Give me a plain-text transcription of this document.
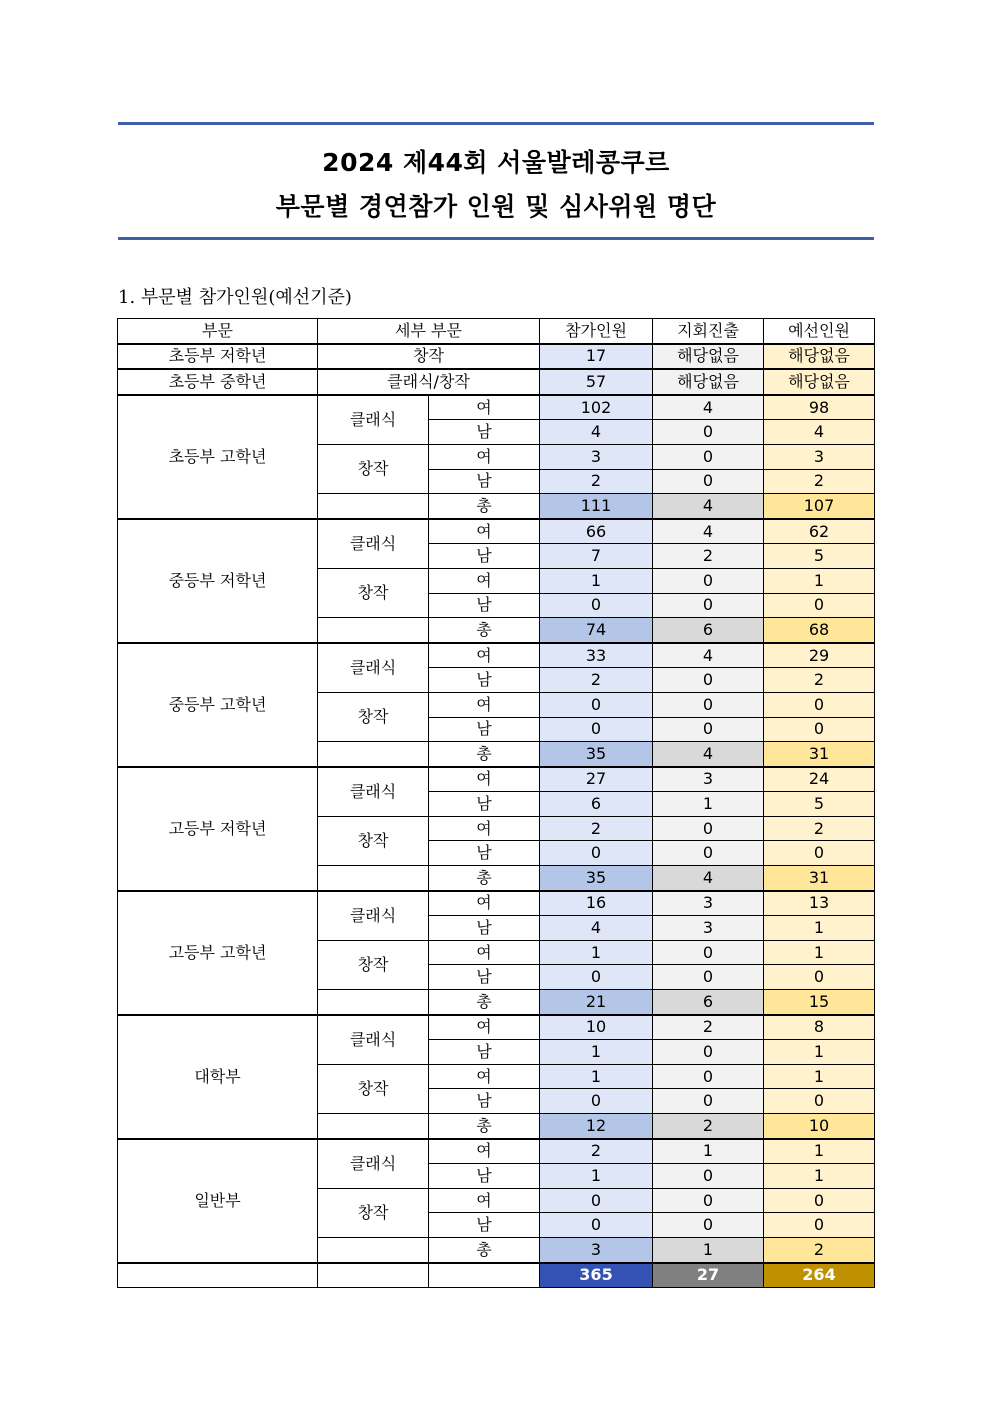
2024 제44회 서울발레콩쿠르
부문별 경연참가 인원 및 심사위원 명단
1. 부문별 참가인원(예선기준)
부문	세부 부문		참가인원	지회진출	예선인원
초등부 저학년	창작		17	해당없음	해당없음
초등부 중학년	클래식/창작		57	해당없음	해당없음
초등부 고학년	클래식	여	102	4	98
		남	4	0	4
	창작	여	3	0	3
		남	2	0	2
		총	111	4	107
중등부 저학년	클래식	여	66	4	62
		남	7	2	5
	창작	여	1	0	1
		남	0	0	0
		총	74	6	68
중등부 고학년	클래식	여	33	4	29
		남	2	0	2
	창작	여	0	0	0
		남	0	0	0
		총	35	4	31
고등부 저학년	클래식	여	27	3	24
		남	6	1	5
	창작	여	2	0	2
		남	0	0	0
		총	35	4	31
고등부 고학년	클래식	여	16	3	13
		남	4	3	1
	창작	여	1	0	1
		남	0	0	0
		총	21	6	15
대학부	클래식	여	10	2	8
		남	1	0	1
	창작	여	1	0	1
		남	0	0	0
		총	12	2	10
일반부	클래식	여	2	1	1
		남	1	0	1
	창작	여	0	0	0
		남	0	0	0
		총	3	1	2
			365	27	264
